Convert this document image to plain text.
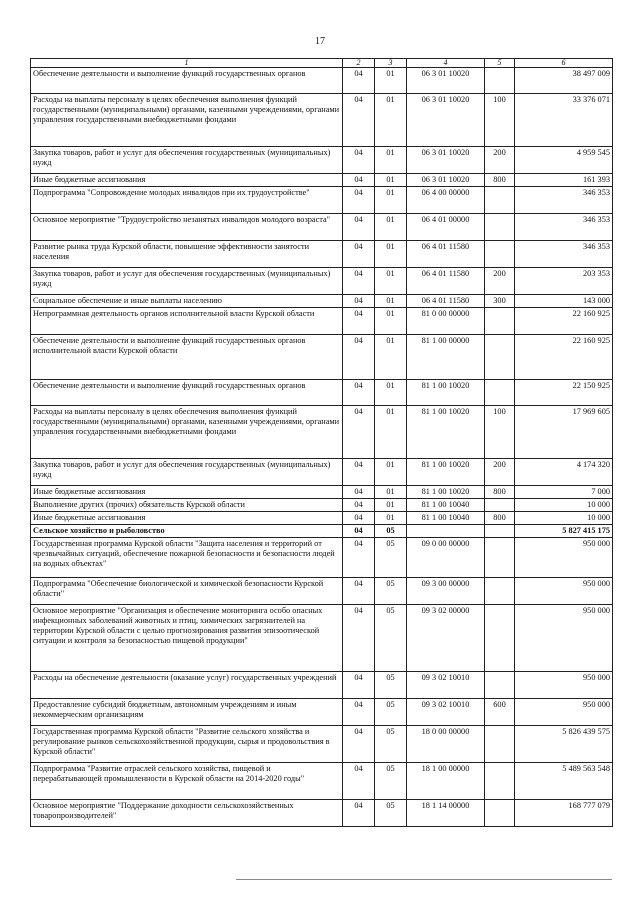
17
1	2	3	4	5	6
Обеспечение деятельности и выполнение функций государственных органов	04	01	06 3 01 10020		38 497 009
Расходы на выплаты персоналу в целях обеспечения выполнения функций государственными (муниципальными) органами, казенными учреждениями, органами управления государственными внебюджетными фондами	04	01	06 3 01 10020	100	33 376 071
Закупка товаров, работ и услуг для обеспечения государственных (муниципальных) нужд	04	01	06 3 01 10020	200	4 959 545
Иные бюджетные ассигнования	04	01	06 3 01 10020	800	161 393
Подпрограмма "Сопровождение молодых инвалидов при их трудоустройстве"	04	01	06 4 00 00000		346 353
Основное мероприятие "Трудоустройство незанятых инвалидов молодого возраста"	04	01	06 4 01 00000		346 353
Развитие рынка труда Курской области, повышение эффективности занятости населения	04	01	06 4 01 11580		346 353
Закупка товаров, работ и услуг для обеспечения государственных (муниципальных) нужд	04	01	06 4 01 11580	200	203 353
Социальное обеспечение и иные выплаты населению	04	01	06 4 01 11580	300	143 000
Непрограммная деятельность органов исполнительной власти Курской области	04	01	81 0 00 00000		22 160 925
Обеспечение деятельности и выполнение функций государственных органов исполнительной власти Курской области	04	01	81 1 00 00000		22 160 925
Обеспечение деятельности и выполнение функций государственных органов	04	01	81 1 00 10020		22 150 925
Расходы на выплаты персоналу в целях обеспечения выполнения функций государственными (муниципальными) органами, казенными учреждениями, органами управления государственными внебюджетными фондами	04	01	81 1 00 10020	100	17 969 605
Закупка товаров, работ и услуг для обеспечения государственных (муниципальных) нужд	04	01	81 1 00 10020	200	4 174 320
Иные бюджетные ассигнования	04	01	81 1 00 10020	800	7 000
Выполнение других (прочих) обязательств Курской области	04	01	81 1 00 10040		10 000
Иные бюджетные ассигнования	04	01	81 1 00 10040	800	10 000
Сельское хозяйство и рыболовство	04	05			5 827 415 175
Государственная программа Курской области "Защита населения и территорий от чрезвычайных ситуаций, обеспечение пожарной безопасности и безопасности людей на водных объектах"	04	05	09 0 00 00000		950 000
Подпрограмма "Обеспечение биологической и химической безопасности Курской области"	04	05	09 3 00 00000		950 000
Основное мероприятие "Организация и обеспечение мониторинга особо опасных инфекционных заболеваний животных и птиц, химических загрязнителей на территории Курской области с целью прогнозирования развития эпизоотической ситуации и контроля за безопасностью пищевой продукции"	04	05	09 3 02 00000		950 000
Расходы на обеспечение деятельности (оказание услуг) государственных учреждений	04	05	09 3 02 10010		950 000
Предоставление субсидий бюджетным, автономным учреждениям и иным некоммерческим организациям	04	05	09 3 02 10010	600	950 000
Государственная программа Курской области "Развитие сельского хозяйства и регулирование рынков сельскохозяйственной продукции, сырья и продовольствия в Курской области"	04	05	18 0 00 00000		5 826 439 575
Подпрограмма "Развитие отраслей сельского хозяйства, пищевой и перерабатывающей промышленности в Курской области на 2014-2020 годы"	04	05	18 1 00 00000		5 489 563 548
Основное мероприятие "Поддержание доходности сельскохозяйственных товаропроизводителей"	04	05	18 1 14 00000		168 777 079
